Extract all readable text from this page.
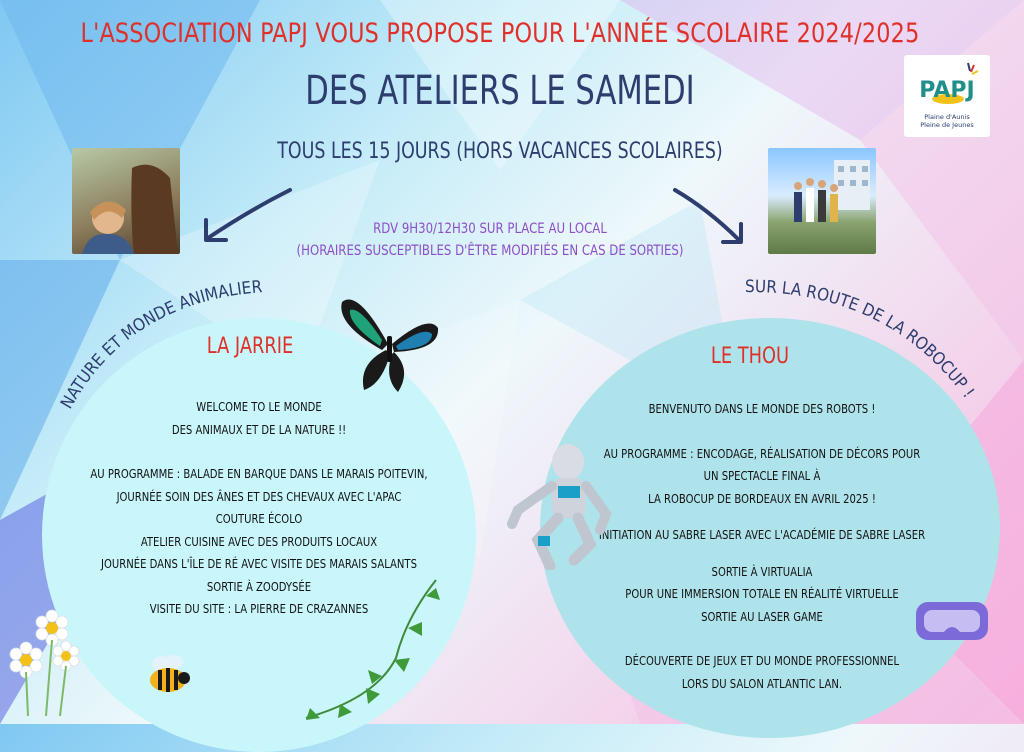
L'ASSOCIATION PAPJ VOUS PROPOSE POUR L'ANNÉE SCOLAIRE 2024/2025
DES ATELIERS LE SAMEDI
TOUS LES 15 JOURS (HORS VACANCES SCOLAIRES)
PAPJ
Plaine d'Aunis
Pleine de Jeunes
RDV 9H30/12H30 SUR PLACE AU LOCAL
(HORAIRES SUSCEPTIBLES D'ÊTRE MODIFIÉS EN CAS DE SORTIES)
NATURE ET MONDE ANIMALIER	SUR LA ROUTE DE LA ROBOCUP !
LA JARRIE

WELCOME TO LE MONDE

DES ANIMAUX ET DE LA NATURE !!

AU PROGRAMME : BALADE EN BARQUE DANS LE MARAIS POITEVIN,

JOURNÉE SOIN DES ÂNES ET DES CHEVAUX AVEC L'APAC

COUTURE ÉCOLO

ATELIER CUISINE AVEC DES PRODUITS LOCAUX

JOURNÉE DANS L'ÎLE DE RÉ AVEC VISITE DES MARAIS SALANTS

SORTIE À ZOODYSÉE

VISITE DU SITE : LA PIERRE DE CRAZANNES

LE THOU

BENVENUTO DANS LE MONDE DES ROBOTS !

AU PROGRAMME : ENCODAGE, RÉALISATION DE DÉCORS POUR

UN SPECTACLE FINAL À

LA ROBOCUP DE BORDEAUX EN AVRIL 2025 !

INITIATION AU SABRE LASER AVEC L'ACADÉMIE DE SABRE LASER

SORTIE À VIRTUALIA

POUR UNE IMMERSION TOTALE EN RÉALITÉ VIRTUELLE

SORTIE AU LASER GAME

DÉCOUVERTE DE JEUX ET DU MONDE PROFESSIONNEL

LORS DU SALON ATLANTIC LAN.
